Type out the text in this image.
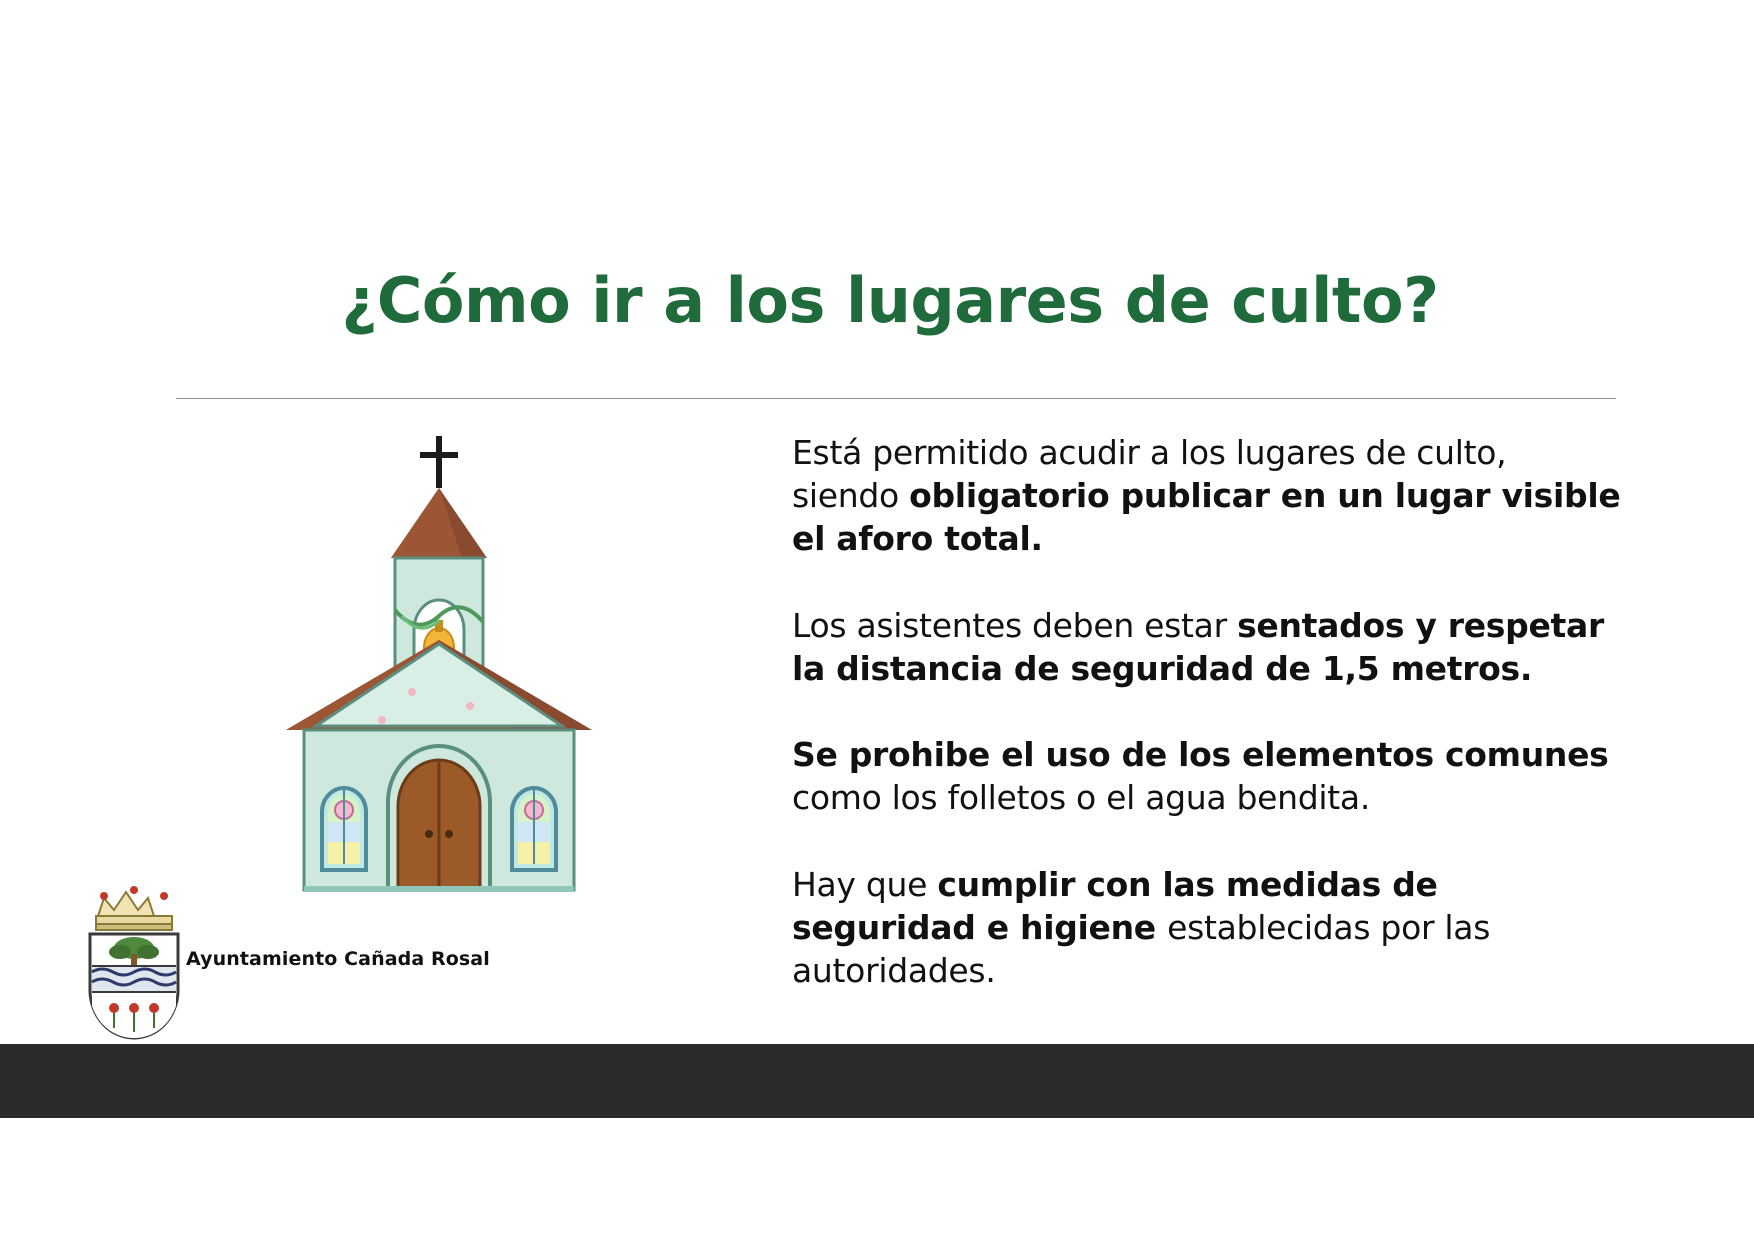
¿Cómo ir a los lugares de culto?
Ayuntamiento Cañada Rosal

Está permitido acudir a los lugares de culto, siendo obligatorio publicar en un lugar visible el aforo total.

Los asistentes deben estar sentados y respetar la distancia de seguridad de 1,5 metros.

Se prohibe el uso de los elementos comunes como los folletos o el agua bendita.

Hay que cumplir con las medidas de seguridad e higiene establecidas por las autoridades.
